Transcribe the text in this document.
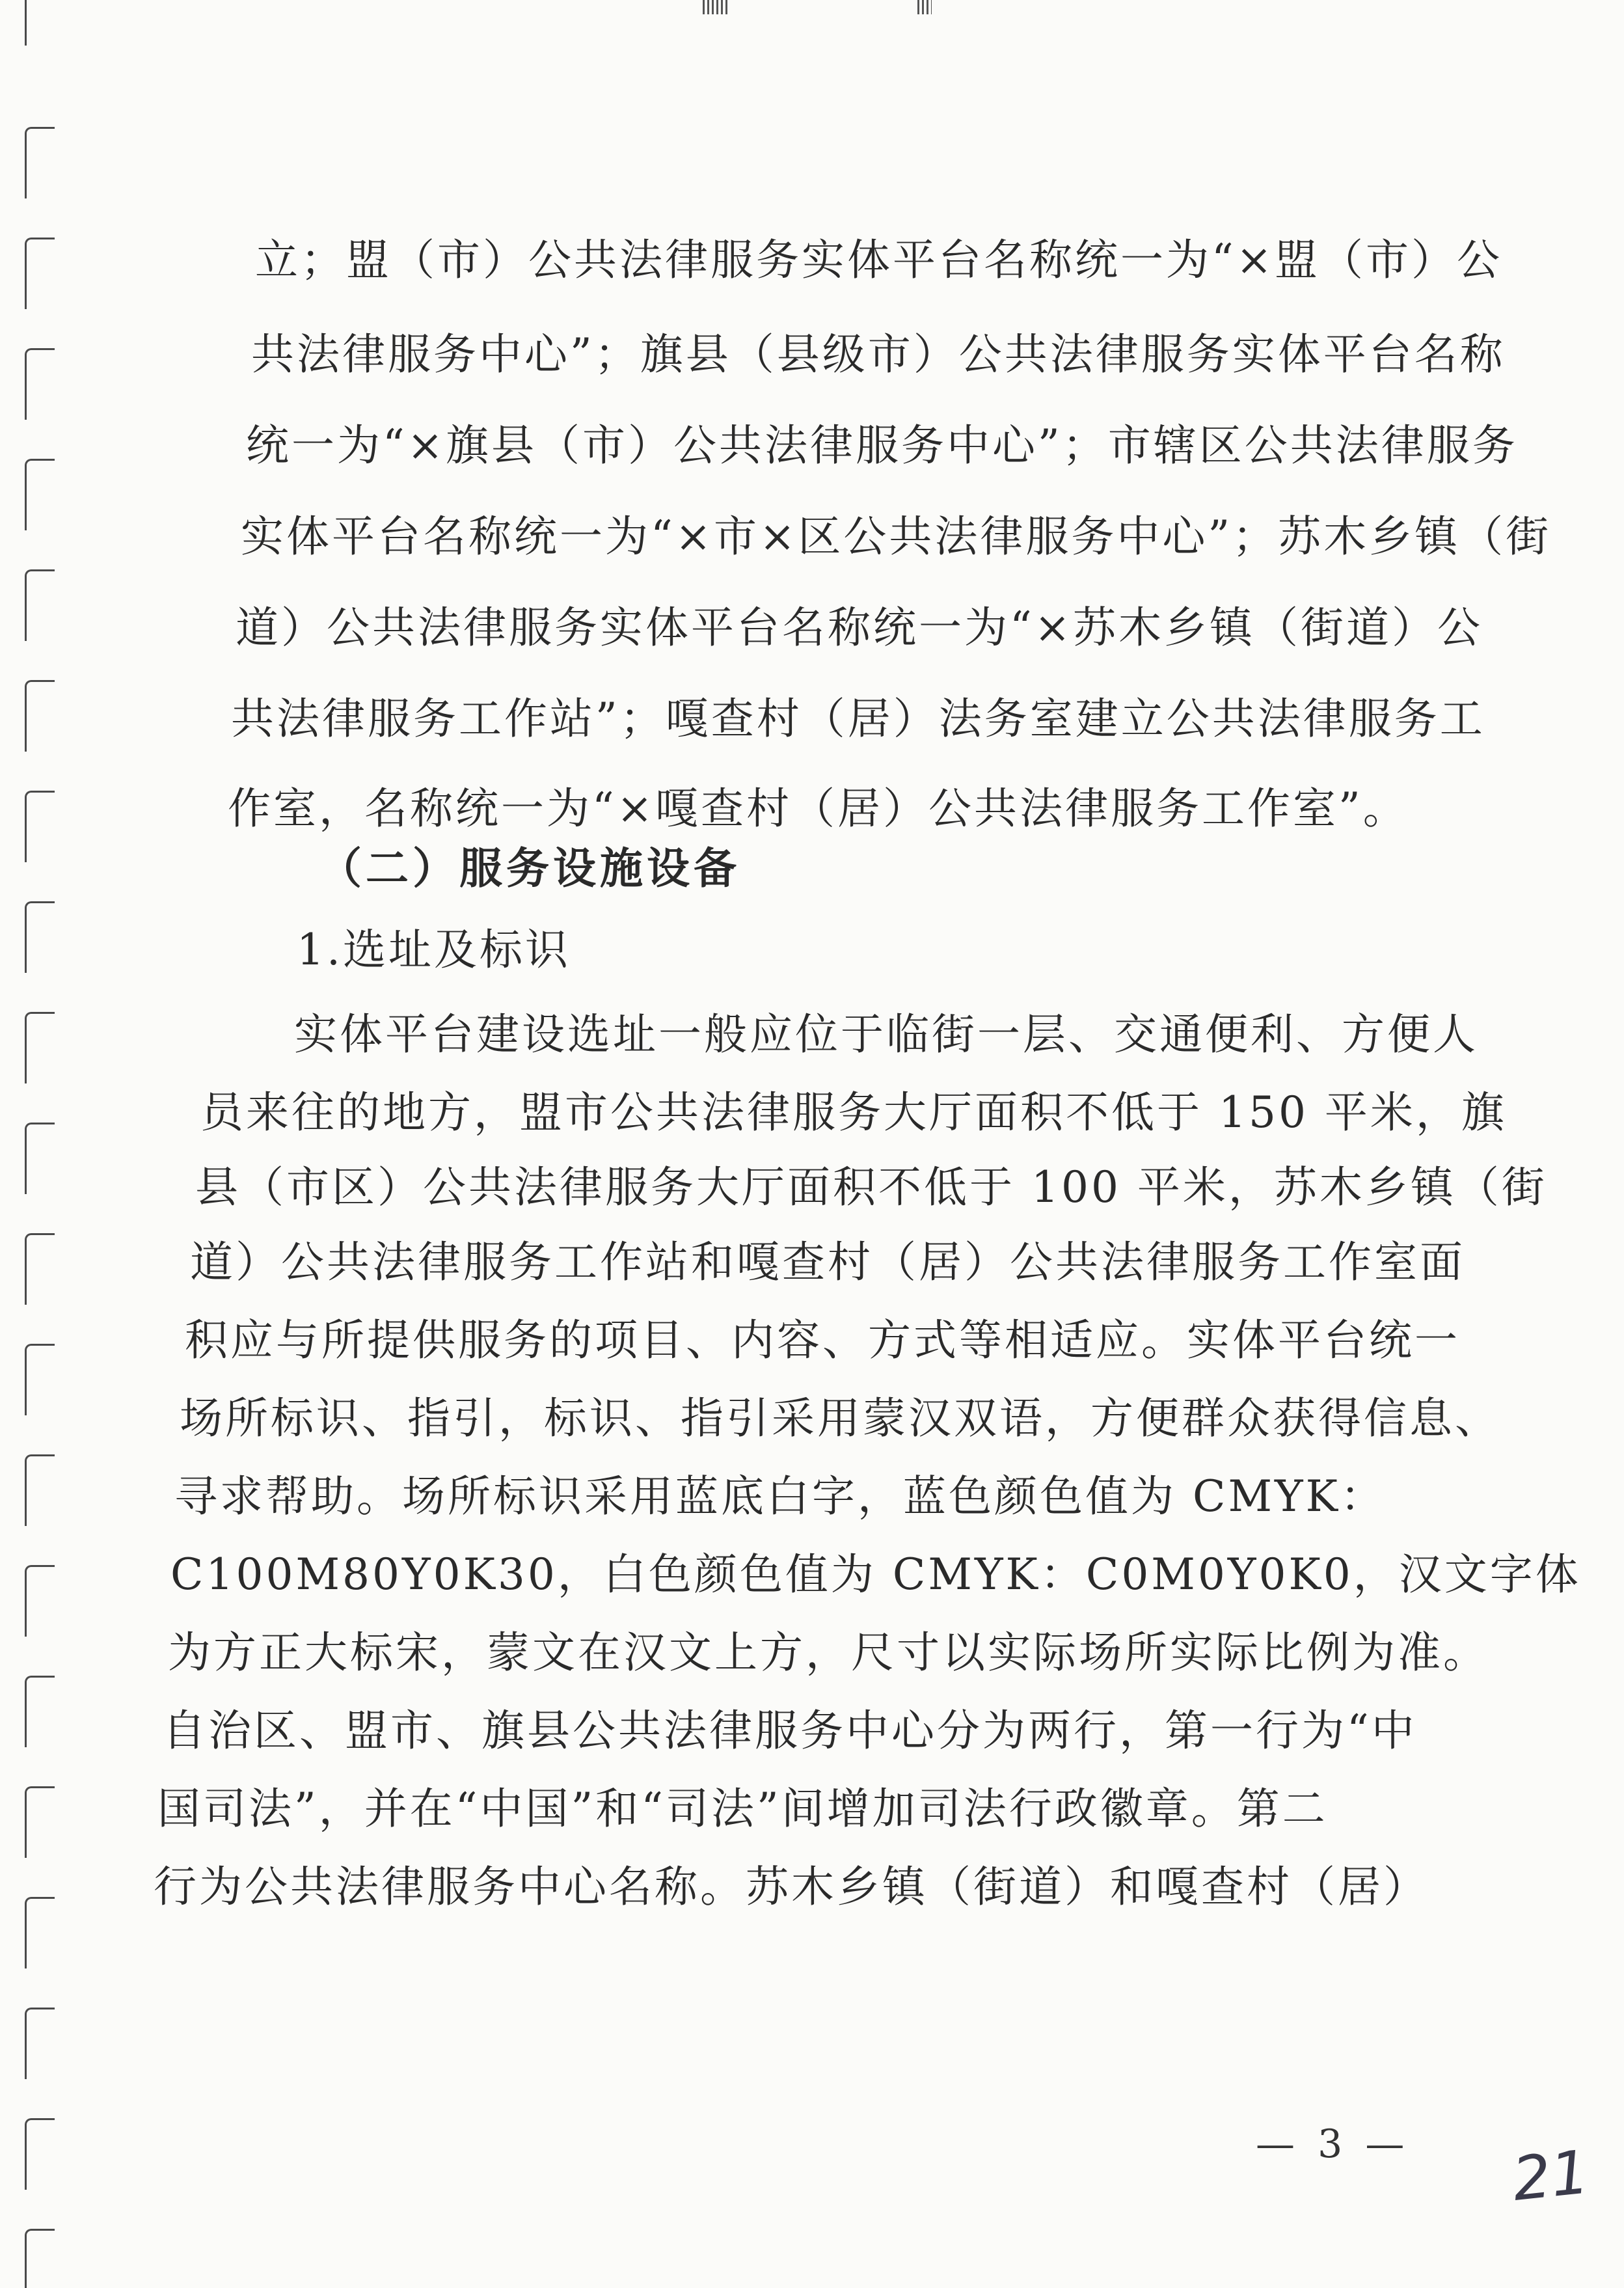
立；盟（市）公共法律服务实体平台名称统一为“×盟（市）公
共法律服务中心”；旗县（县级市）公共法律服务实体平台名称
统一为“×旗县（市）公共法律服务中心”；市辖区公共法律服务
实体平台名称统一为“×市×区公共法律服务中心”；苏木乡镇（街
道）公共法律服务实体平台名称统一为“×苏木乡镇（街道）公
共法律服务工作站”；嘎查村（居）法务室建立公共法律服务工
作室，名称统一为“×嘎查村（居）公共法律服务工作室”。
（二）服务设施设备
1.选址及标识
实体平台建设选址一般应位于临街一层、交通便利、方便人
员来往的地方，盟市公共法律服务大厅面积不低于 150 平米，旗
县（市区）公共法律服务大厅面积不低于 100 平米，苏木乡镇（街
道）公共法律服务工作站和嘎查村（居）公共法律服务工作室面
积应与所提供服务的项目、内容、方式等相适应。实体平台统一
场所标识、指引，标识、指引采用蒙汉双语，方便群众获得信息、
寻求帮助。场所标识采用蓝底白字，蓝色颜色值为 CMYK：
C100M80Y0K30，白色颜色值为 CMYK：C0M0Y0K0，汉文字体
为方正大标宋，蒙文在汉文上方，尺寸以实际场所实际比例为准。
自治区、盟市、旗县公共法律服务中心分为两行，第一行为“中
国司法”，并在“中国”和“司法”间增加司法行政徽章。第二
行为公共法律服务中心名称。苏木乡镇（街道）和嘎查村（居）
— 3 — 21
